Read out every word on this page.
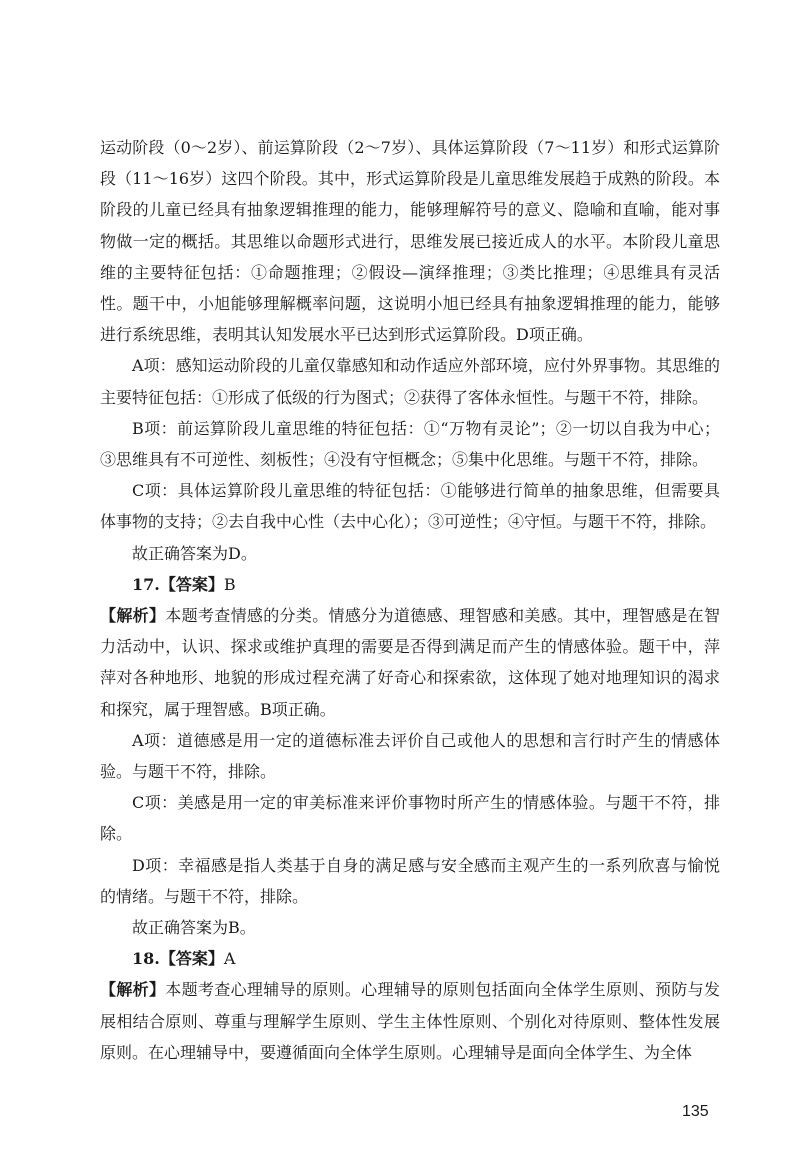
运动阶段（0～2岁）、前运算阶段（2～7岁）、具体运算阶段（7～11岁）和形式运算阶段（11～16岁）这四个阶段。其中，形式运算阶段是儿童思维发展趋于成熟的阶段。本阶段的儿童已经具有抽象逻辑推理的能力，能够理解符号的意义、隐喻和直喻，能对事物做一定的概括。其思维以命题形式进行，思维发展已接近成人的水平。本阶段儿童思维的主要特征包括：①命题推理；②假设—演绎推理；③类比推理；④思维具有灵活性。题干中，小旭能够理解概率问题，这说明小旭已经具有抽象逻辑推理的能力，能够进行系统思维，表明其认知发展水平已达到形式运算阶段。D项正确。

A项：感知运动阶段的儿童仅靠感知和动作适应外部环境，应付外界事物。其思维的主要特征包括：①形成了低级的行为图式；②获得了客体永恒性。与题干不符，排除。

B项：前运算阶段儿童思维的特征包括：①“万物有灵论”；②一切以自我为中心；③思维具有不可逆性、刻板性；④没有守恒概念；⑤集中化思维。与题干不符，排除。

C项：具体运算阶段儿童思维的特征包括：①能够进行简单的抽象思维，但需要具体事物的支持；②去自我中心性（去中心化）；③可逆性；④守恒。与题干不符，排除。

故正确答案为D。

17.【答案】B

【解析】本题考查情感的分类。情感分为道德感、理智感和美感。其中，理智感是在智力活动中，认识、探求或维护真理的需要是否得到满足而产生的情感体验。题干中，萍萍对各种地形、地貌的形成过程充满了好奇心和探索欲，这体现了她对地理知识的渴求和探究，属于理智感。B项正确。

A项：道德感是用一定的道德标准去评价自己或他人的思想和言行时产生的情感体验。与题干不符，排除。

C项：美感是用一定的审美标准来评价事物时所产生的情感体验。与题干不符，排除。

D项：幸福感是指人类基于自身的满足感与安全感而主观产生的一系列欣喜与愉悦的情绪。与题干不符，排除。

故正确答案为B。

18.【答案】A

【解析】本题考查心理辅导的原则。心理辅导的原则包括面向全体学生原则、预防与发展相结合原则、尊重与理解学生原则、学生主体性原则、个别化对待原则、整体性发展原则。在心理辅导中，要遵循面向全体学生原则。心理辅导是面向全体学生、为全体

135
